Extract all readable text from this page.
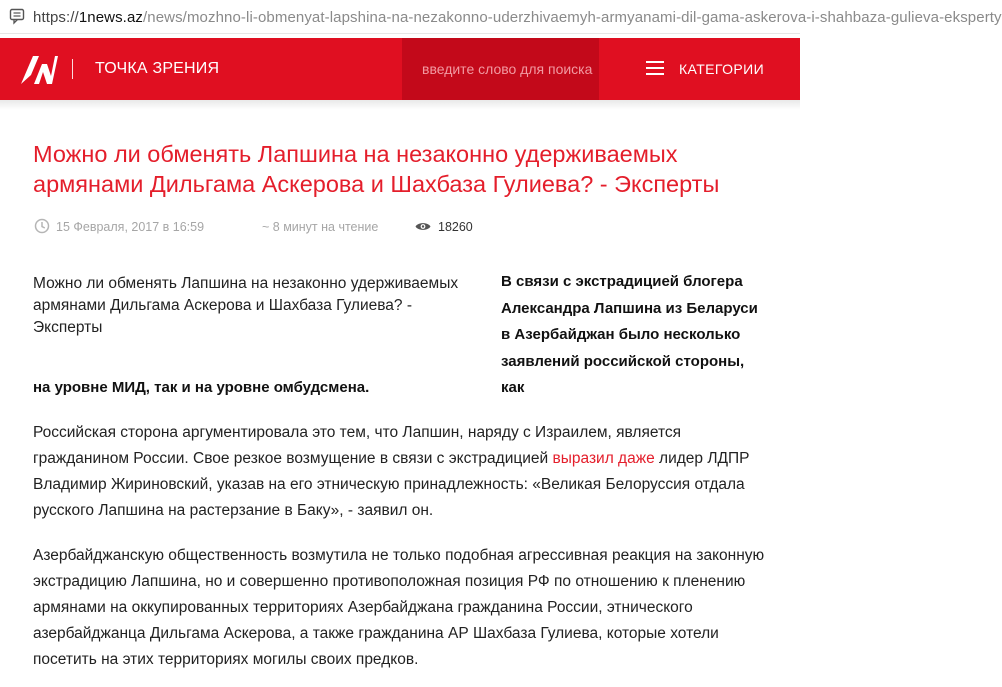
https://1news.az/news/mozhno-li-obmenyat-lapshina-na-nezakonno-uderzhivaemyh-armyanami-dil-gama-askerova-i-shahbaza-gulieva-eksperty
ТОЧКА ЗРЕНИЯ
введите слово для поиска	КАТЕГОРИИ
Можно ли обменять Лапшина на незаконно удерживаемых армянами Дильгама Аскерова и Шахбаза Гулиева? - Эксперты
15 Февраля, 2017 в 16:59	~ 8 минут на чтение	18260
Можно ли обменять Лапшина на незаконно удерживаемых армянами Дильгама Аскерова и Шахбаза Гулиева? - Эксперты
В связи с экстрадицией блогера Александра Лапшина из Беларуси в Азербайджан было несколько заявлений российской стороны, как
на уровне МИД, так и на уровне омбудсмена.

Российская сторона аргументировала это тем, что Лапшин, наряду с Израилем, является гражданином России. Свое резкое возмущение в связи с экстрадицией выразил даже лидер ЛДПР Владимир Жириновский, указав на его этническую принадлежность: «Великая Белоруссия отдала русского Лапшина на растерзание в Баку», - заявил он.

Азербайджанскую общественность возмутила не только подобная агрессивная реакция на законную экстрадицию Лапшина, но и совершенно противоположная позиция РФ по отношению к пленению армянами на оккупированных территориях Азербайджана гражданина России, этнического азербайджанца Дильгама Аскерова, а также гражданина АР Шахбаза Гулиева, которые хотели посетить на этих территориях могилы своих предков.
